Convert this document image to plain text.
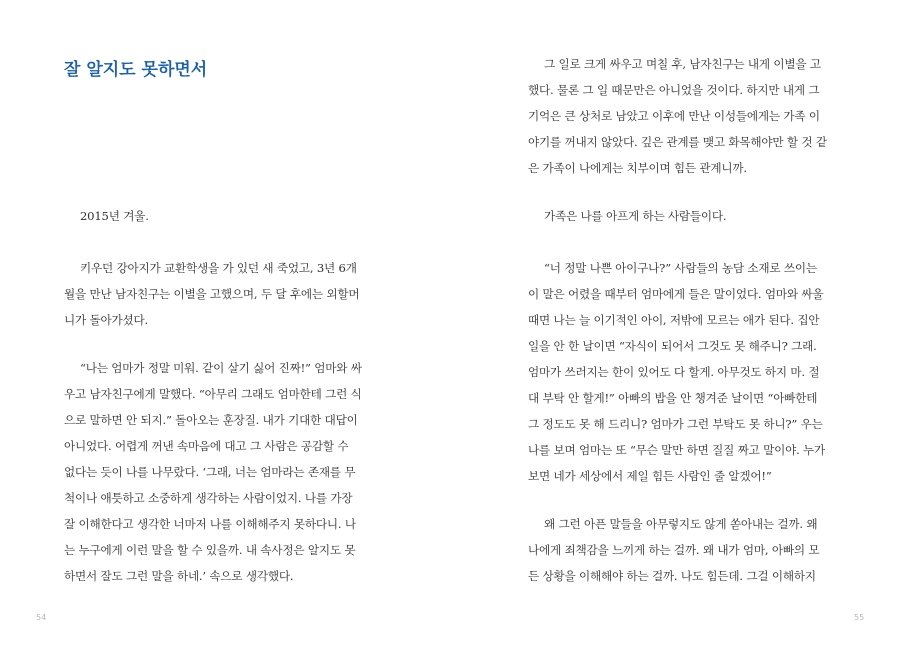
잘 알지도 못하면서
2015년 겨울.
키우던 강아지가 교환학생을 가 있던 새 죽었고, 3년 6개
월을 만난 남자친구는 이별을 고했으며, 두 달 후에는 외할머
니가 돌아가셨다.
“나는 엄마가 정말 미워. 같이 살기 싫어 진짜!” 엄마와 싸
우고 남자친구에게 말했다. “아무리 그래도 엄마한테 그런 식
으로 말하면 안 되지.” 돌아오는 훈장질. 내가 기대한 대답이
아니었다. 어렵게 꺼낸 속마음에 대고 그 사람은 공감할 수
없다는 듯이 나를 나무랐다. ‘그래, 너는 엄마라는 존재를 무
척이나 애틋하고 소중하게 생각하는 사람이었지. 나를 가장
잘 이해한다고 생각한 너마저 나를 이해해주지 못하다니. 나
는 누구에게 이런 말을 할 수 있을까. 내 속사정은 알지도 못
하면서 잘도 그런 말을 하네.’ 속으로 생각했다.
54
그 일로 크게 싸우고 며칠 후, 남자친구는 내게 이별을 고
했다. 물론 그 일 때문만은 아니었을 것이다. 하지만 내게 그
기억은 큰 상처로 남았고 이후에 만난 이성들에게는 가족 이
야기를 꺼내지 않았다. 깊은 관계를 맺고 화목해야만 할 것 같
은 가족이 나에게는 치부이며 힘든 관계니까.
가족은 나를 아프게 하는 사람들이다.
“너 정말 나쁜 아이구나?” 사람들의 농담 소재로 쓰이는
이 말은 어렸을 때부터 엄마에게 들은 말이었다. 엄마와 싸울
때면 나는 늘 이기적인 아이, 저밖에 모르는 애가 된다. 집안
일을 안 한 날이면 “자식이 되어서 그것도 못 해주니? 그래.
엄마가 쓰러지는 한이 있어도 다 할게. 아무것도 하지 마. 절
대 부탁 안 할게!” 아빠의 밥을 안 챙겨준 날이면 “아빠한테
그 정도도 못 해 드리니? 엄마가 그런 부탁도 못 하니?” 우는
나를 보며 엄마는 또 “무슨 말만 하면 질질 짜고 말이야. 누가
보면 네가 세상에서 제일 힘든 사람인 줄 알겠어!”
왜 그런 아픈 말들을 아무렇지도 않게 쏟아내는 걸까. 왜
나에게 죄책감을 느끼게 하는 걸까. 왜 내가 엄마, 아빠의 모
든 상황을 이해해야 하는 걸까. 나도 힘든데. 그걸 이해하지
55
